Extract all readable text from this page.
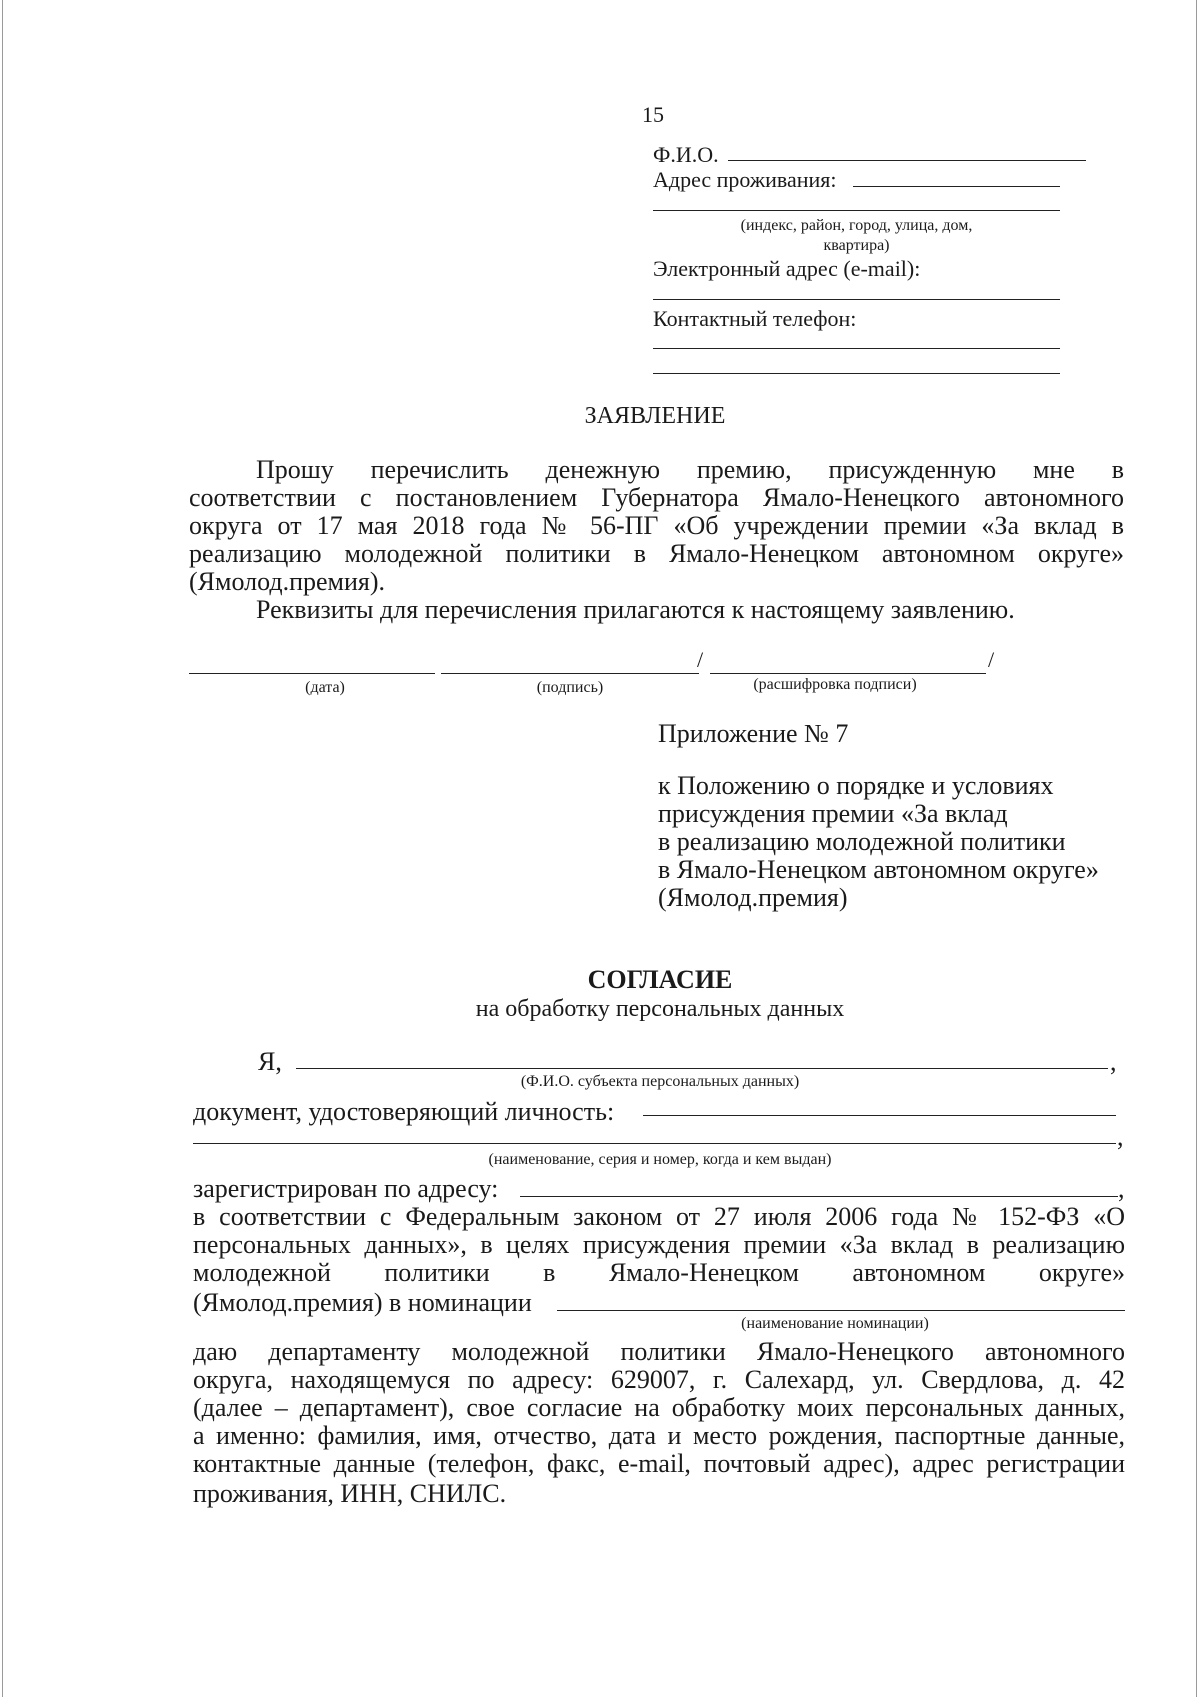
15
Ф.И.О.
Адрес проживания:
(индекс, район, город, улица, дом,
квартира)
Электронный адрес (e-mail):
Контактный телефон:
ЗАЯВЛЕНИЕ
Прошу перечислить денежную премию, присужденную мне в
соответствии с постановлением Губернатора Ямало-Ненецкого автономного
округа от 17 мая 2018 года № 56-ПГ «Об учреждении премии «За вклад в
реализацию молодежной политики в Ямало-Ненецком автономном округе»
(Ямолод.премия).
Реквизиты для перечисления прилагаются к настоящему заявлению.
/	/
(дата)	(подпись)	(расшифровка подписи)
Приложение № 7
к Положению о порядке и условиях
присуждения премии «За вклад
в реализацию молодежной политики
в Ямало-Ненецком автономном округе»
(Ямолод.премия)
СОГЛАСИЕ
на обработку персональных данных
Я,	,
(Ф.И.О. субъекта персональных данных)
документ, удостоверяющий личность:
,
(наименование, серия и номер, когда и кем выдан)
зарегистрирован по адресу:	,
в соответствии с Федеральным законом от 27 июля 2006 года № 152-ФЗ «О
персональных данных», в целях присуждения премии «За вклад в реализацию
молодежной политики в Ямало-Ненецком автономном округе»
(Ямолод.премия) в номинации
(наименование номинации)
даю департаменту молодежной политики Ямало-Ненецкого автономного
округа, находящемуся по адресу: 629007, г. Салехард, ул. Свердлова, д. 42
(далее – департамент), свое согласие на обработку моих персональных данных,
а именно: фамилия, имя, отчество, дата и место рождения, паспортные данные,
контактные данные (телефон, факс, e-mail, почтовый адрес), адрес регистрации
проживания, ИНН, СНИЛС.
